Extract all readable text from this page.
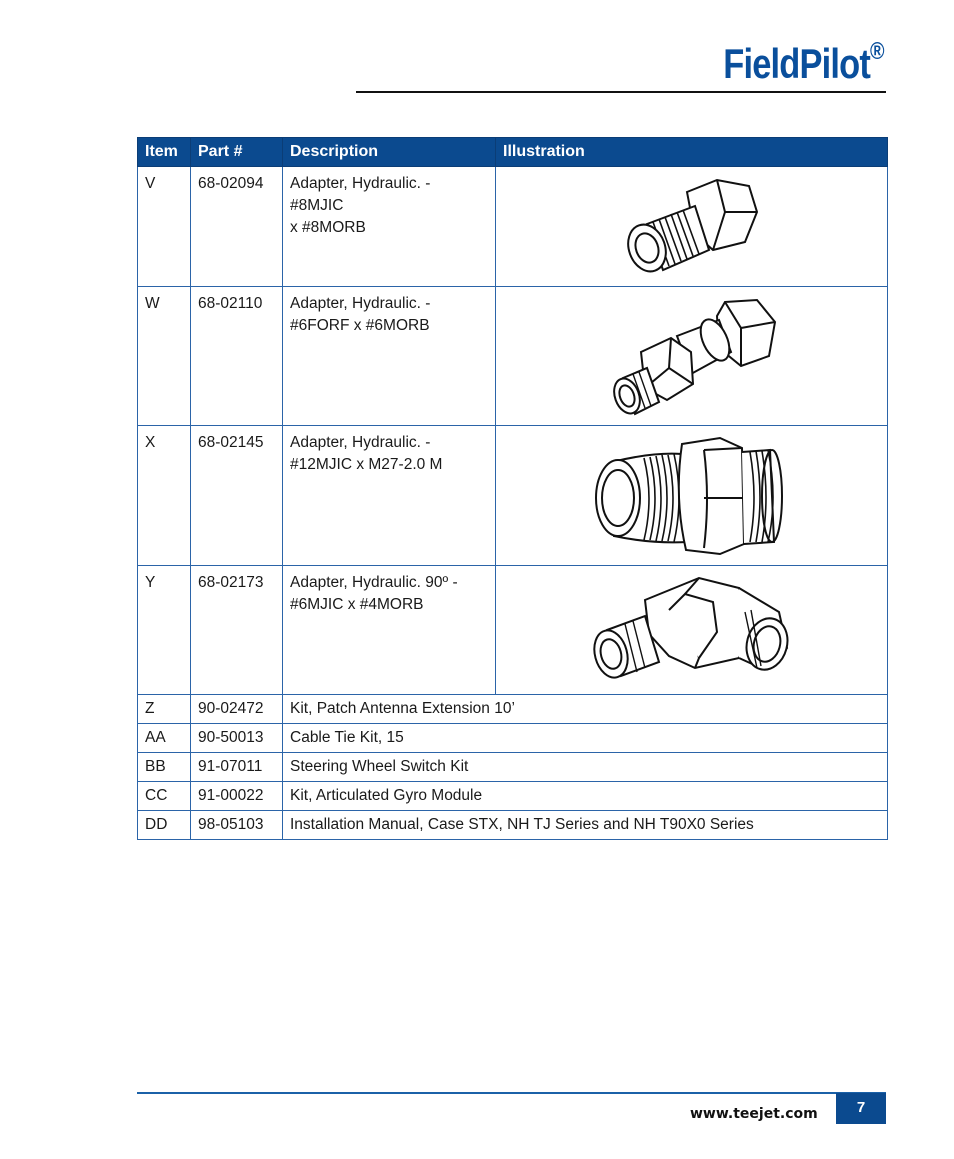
FieldPilot®
Item	Part #	Description	Illustration
V	68-02094	Adapter, Hydraulic. - #8MJIC
x #8MORB

W	68-02110	Adapter, Hydraulic. -
#6FORF x #6MORB

X	68-02145	Adapter, Hydraulic. -
#12MJIC x M27-2.0 M

Y	68-02173	Adapter, Hydraulic. 90º -
#6MJIC x #4MORB

Z	90-02472	Kit, Patch Antenna Extension 10’	
AA	90-50013	Cable Tie Kit, 15	
BB	91-07011	Steering Wheel Switch Kit	
CC	91-00022	Kit, Articulated Gyro Module	
DD	98-05103	Installation Manual, Case STX, NH TJ Series and NH T90X0 Series	
www.teejet.com	7
